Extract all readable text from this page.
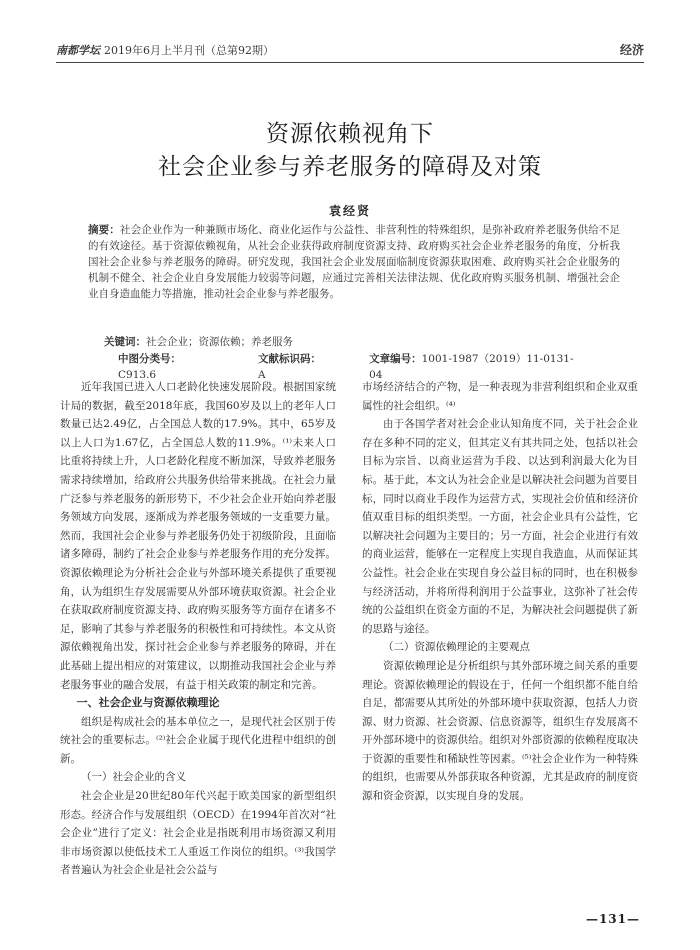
南都学坛 2019年6月上半月刊（总第92期）	经济
资源依赖视角下
社会企业参与养老服务的障碍及对策
袁经贤
摘要：社会企业作为一种兼顾市场化、商业化运作与公益性、非营利性的特殊组织，是弥补政府养老服务供给不足的有效途径。基于资源依赖视角，从社会企业获得政府制度资源支持、政府购买社会企业养老服务的角度，分析我国社会企业参与养老服务的障碍。研究发现，我国社会企业发展面临制度资源获取困难、政府购买社会企业服务的机制不健全、社会企业自身发展能力较弱等问题，应通过完善相关法律法规、优化政府购买服务机制、增强社会企业自身造血能力等措施，推动社会企业参与养老服务。
关键词：社会企业；资源依赖；养老服务
中图分类号：C913.6
文献标识码：A
文章编号：1001-1987（2019）11-0131-04

近年我国已进入人口老龄化快速发展阶段。根据国家统计局的数据，截至2018年底，我国60岁及以上的老年人口数量已达2.49亿，占全国总人数的17.9%。其中，65岁及以上人口为1.67亿，占全国总人数的11.9%。⁽¹⁾未来人口比重将持续上升，人口老龄化程度不断加深，导致养老服务需求持续增加，给政府公共服务供给带来挑战。在社会力量广泛参与养老服务的新形势下，不少社会企业开始向养老服务领域方向发展，逐渐成为养老服务领域的一支重要力量。然而，我国社会企业参与养老服务仍处于初级阶段，且面临诸多障碍，制约了社会企业参与养老服务作用的充分发挥。资源依赖理论为分析社会企业与外部环境关系提供了重要视角，认为组织生存发展需要从外部环境获取资源。社会企业在获取政府制度资源支持、政府购买服务等方面存在诸多不足，影响了其参与养老服务的积极性和可持续性。本文从资源依赖视角出发，探讨社会企业参与养老服务的障碍，并在此基础上提出相应的对策建议，以期推动我国社会企业与养老服务事业的融合发展，有益于相关政策的制定和完善。

一、社会企业与资源依赖理论

组织是构成社会的基本单位之一，是现代社会区别于传统社会的重要标志。⁽²⁾社会企业属于现代化进程中组织的创新。

（一）社会企业的含义

社会企业是20世纪80年代兴起于欧美国家的新型组织形态。经济合作与发展组织（OECD）在1994年首次对“社会企业”进行了定义：社会企业是指既利用市场资源又利用非市场资源以使低技术工人重返工作岗位的组织。⁽³⁾我国学者普遍认为社会企业是社会公益与

市场经济结合的产物，是一种表现为非营利组织和企业双重属性的社会组织。⁽⁴⁾

由于各国学者对社会企业认知角度不同，关于社会企业存在多种不同的定义，但其定义有其共同之处，包括以社会目标为宗旨、以商业运营为手段、以达到利润最大化为目标。基于此，本文认为社会企业是以解决社会问题为首要目标，同时以商业手段作为运营方式，实现社会价值和经济价值双重目标的组织类型。一方面，社会企业具有公益性，它以解决社会问题为主要目的；另一方面，社会企业进行有效的商业运营，能够在一定程度上实现自我造血，从而保证其公益性。社会企业在实现自身公益目标的同时，也在积极参与经济活动，并将所得利润用于公益事业，这弥补了社会传统的公益组织在资金方面的不足，为解决社会问题提供了新的思路与途径。

（二）资源依赖理论的主要观点

资源依赖理论是分析组织与其外部环境之间关系的重要理论。资源依赖理论的假设在于，任何一个组织都不能自给自足，都需要从其所处的外部环境中获取资源，包括人力资源、财力资源、社会资源、信息资源等，组织生存发展离不开外部环境中的资源供给。组织对外部资源的依赖程度取决于资源的重要性和稀缺性等因素。⁽⁵⁾社会企业作为一种特殊的组织，也需要从外部获取各种资源，尤其是政府的制度资源和资金资源，以实现自身的发展。

—131—
